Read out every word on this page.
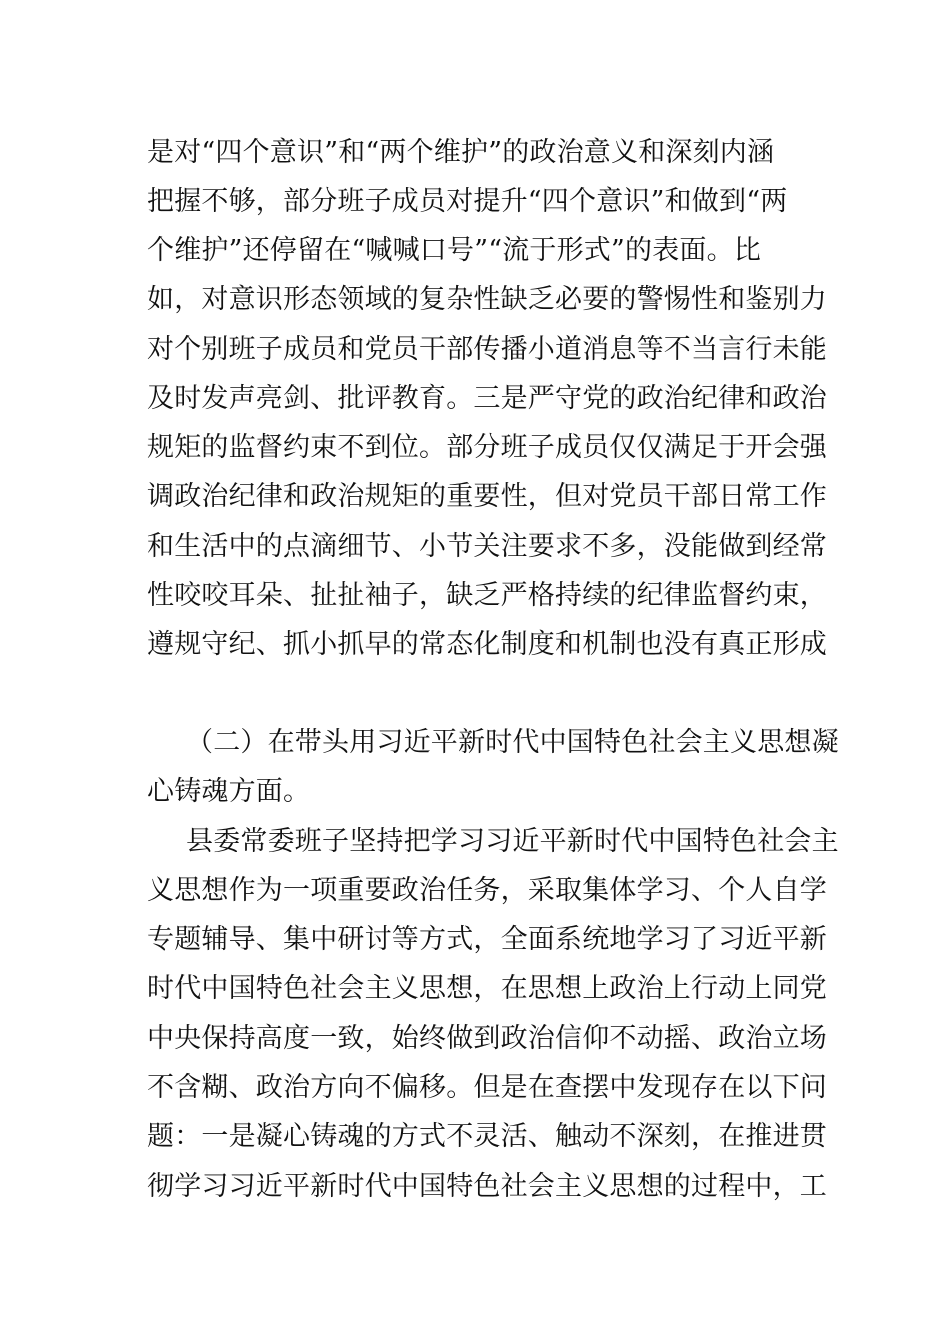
是对“四个意识”和“两个维护”的政治意义和深刻内涵
把握不够，部分班子成员对提升“四个意识”和做到“两
个维护”还停留在“喊喊口号”“流于形式”的表面。比
如，对意识形态领域的复杂性缺乏必要的警惕性和鉴别力
对个别班子成员和党员干部传播小道消息等不当言行未能
及时发声亮剑、批评教育。三是严守党的政治纪律和政治
规矩的监督约束不到位。部分班子成员仅仅满足于开会强
调政治纪律和政治规矩的重要性，但对党员干部日常工作
和生活中的点滴细节、小节关注要求不多，没能做到经常
性咬咬耳朵、扯扯袖子，缺乏严格持续的纪律监督约束，
遵规守纪、抓小抓早的常态化制度和机制也没有真正形成
（二）在带头用习近平新时代中国特色社会主义思想凝
心铸魂方面。
县委常委班子坚持把学习习近平新时代中国特色社会主
义思想作为一项重要政治任务，采取集体学习、个人自学
专题辅导、集中研讨等方式，全面系统地学习了习近平新
时代中国特色社会主义思想，在思想上政治上行动上同党
中央保持高度一致，始终做到政治信仰不动摇、政治立场
不含糊、政治方向不偏移。但是在查摆中发现存在以下问
题：一是凝心铸魂的方式不灵活、触动不深刻，在推进贯
彻学习习近平新时代中国特色社会主义思想的过程中，工
